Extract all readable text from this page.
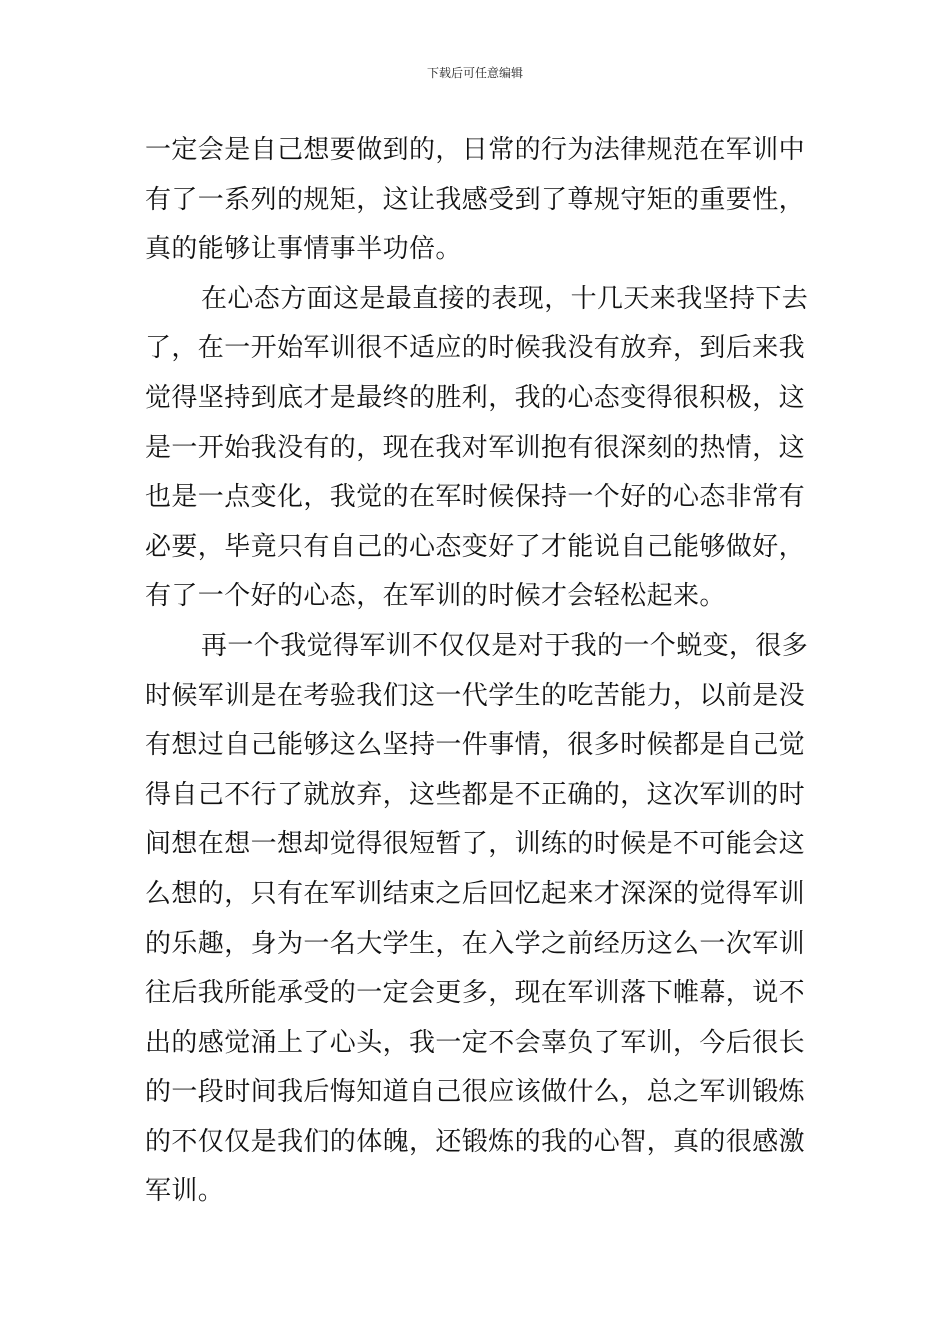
下载后可任意编辑
一定会是自己想要做到的，日常的行为法律规范在军训中
有了一系列的规矩，这让我感受到了尊规守矩的重要性，
真的能够让事情事半功倍。
在心态方面这是最直接的表现，十几天来我坚持下去
了，在一开始军训很不适应的时候我没有放弃，到后来我
觉得坚持到底才是最终的胜利，我的心态变得很积极，这
是一开始我没有的，现在我对军训抱有很深刻的热情，这
也是一点变化，我觉的在军时候保持一个好的心态非常有
必要，毕竟只有自己的心态变好了才能说自己能够做好，
有了一个好的心态，在军训的时候才会轻松起来。
再一个我觉得军训不仅仅是对于我的一个蜕变，很多
时候军训是在考验我们这一代学生的吃苦能力，以前是没
有想过自己能够这么坚持一件事情，很多时候都是自己觉
得自己不行了就放弃，这些都是不正确的，这次军训的时
间想在想一想却觉得很短暂了，训练的时候是不可能会这
么想的，只有在军训结束之后回忆起来才深深的觉得军训
的乐趣，身为一名大学生，在入学之前经历这么一次军训
往后我所能承受的一定会更多，现在军训落下帷幕，说不
出的感觉涌上了心头，我一定不会辜负了军训，今后很长
的一段时间我后悔知道自己很应该做什么，总之军训锻炼
的不仅仅是我们的体魄，还锻炼的我的心智，真的很感激
军训。
